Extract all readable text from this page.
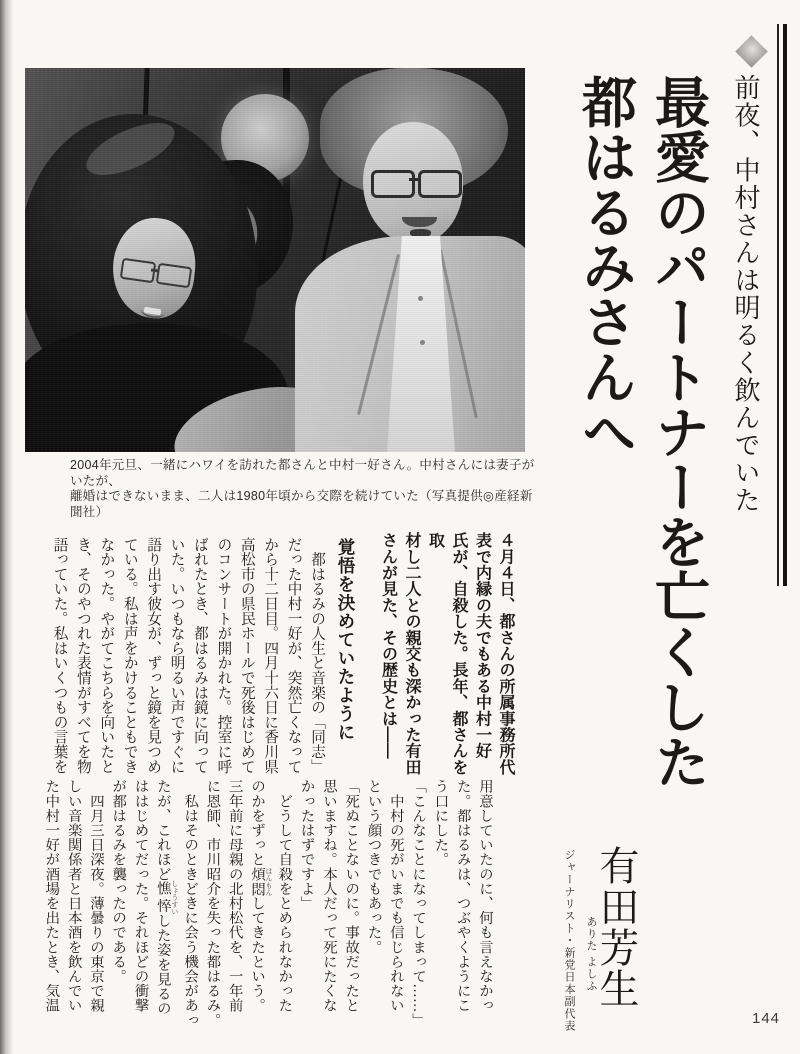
前夜、中村さんは明るく飲んでいた
最愛のパートナーを亡くした
都はるみさんへ
2004年元旦、一緒にハワイを訪れた都さんと中村一好さん。中村さんには妻子がいたが、
離婚はできないまま、二人は1980年頃から交際を続けていた（写真提供◎産経新聞社）
４月４日、都さんの所属事務所代
表で内縁の夫でもある中村一好
氏が、自殺した。長年、都さんを取
材し二人との親交も深かった有田
さんが見た、その歴史とは――
覚悟を決めていたように
　都はるみの人生と音楽の「同志」
だった中村一好が、突然亡くなって
から十二日目。四月十六日に香川県
高松市の県民ホールで死後はじめて
のコンサートが開かれた。控室に呼
ばれたとき、都はるみは鏡に向って
いた。いつもなら明るい声ですぐに
語り出す彼女が、ずっと鏡を見つめ
ている。私は声をかけることもでき
なかった。やがてこちらを向いたと
き、そのやつれた表情がすべてを物
語っていた。私はいくつもの言葉を
用意していたのに、何も言えなかっ
た。都はるみは、つぶやくようにこ
う口にした。
「こんなことになってしまって……」
　中村の死がいまでも信じられない
という顔つきでもあった。
「死ぬことないのに。事故だったと
思いますね。本人だって死にたくな
かったはずですよ」
　どうして自殺をとめられなかった
のかをずっと煩悶 はんもんしてきたという。
三年前に母親の北村松代を、一年前
に恩師、市川昭介を失った都はるみ。
　私はそのときどきに会う機会があっ
たが、これほど憔悴 しょうすいした姿を見るの
ははじめてだった。それほどの衝撃
が都はるみを襲ったのである。
　四月三日深夜。薄曇りの東京で親
しい音楽関係者と日本酒を飲んでい
た中村一好が酒場を出たとき、気温	有田芳生
ありた よしふ
ジャーナリスト・新党日本副代表	144
